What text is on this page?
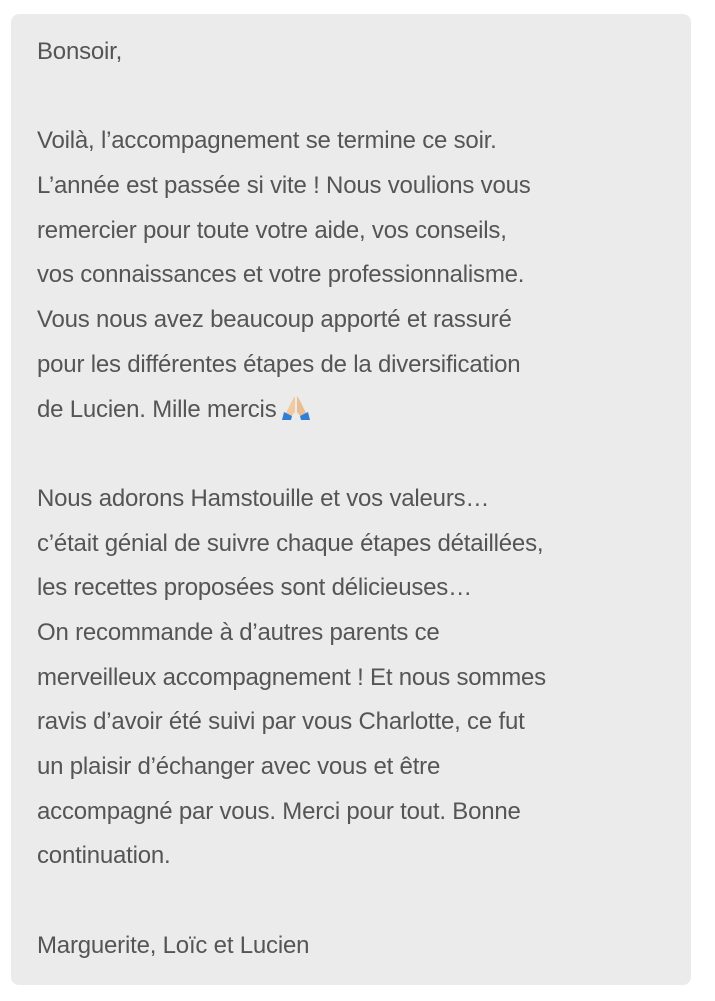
Bonsoir,
Voilà, l’accompagnement se termine ce soir.
L’année est passée si vite ! Nous voulions vous
remercier pour toute votre aide, vos conseils,
vos connaissances et votre professionnalisme.
Vous nous avez beaucoup apporté et rassuré
pour les différentes étapes de la diversification
de Lucien. Mille mercis
Nous adorons Hamstouille et vos valeurs…
c’était génial de suivre chaque étapes détaillées,
les recettes proposées sont délicieuses…
On recommande à d’autres parents ce
merveilleux accompagnement ! Et nous sommes
ravis d’avoir été suivi par vous Charlotte, ce fut
un plaisir d’échanger avec vous et être
accompagné par vous. Merci pour tout. Bonne
continuation.
Marguerite, Loïc et Lucien
